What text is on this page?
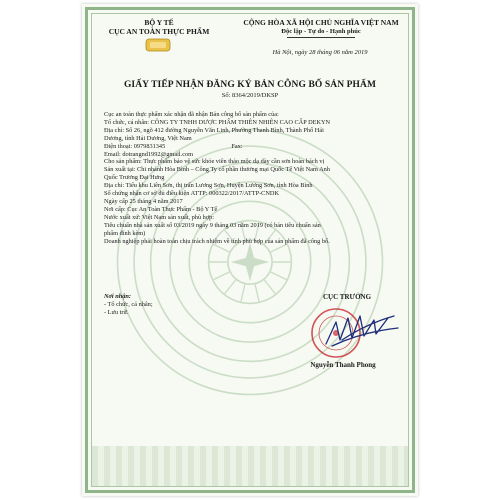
BỘ Y TẾ
CỤC AN TOÀN THỰC PHẨM
CỘNG HÒA XÃ HỘI CHỦ NGHĨA VIỆT NAM
Độc lập - Tự do - Hạnh phúc
Hà Nội, ngày 28 tháng 06 năm 2019
GIẤY TIẾP NHẬN ĐĂNG KÝ BẢN CÔNG BỐ SẢN PHẨM
Số: 8364/2019/DKSP
Cục an toàn thực phẩm xác nhận đã nhận Bản công bố sản phẩm của:
Tổ chức, cá nhân: CÔNG TY TNHH DƯỢC PHẨM THIÊN NHIÊN CAO CẤP DEKYN
Địa chỉ: Số 26, ngõ 412 đường Nguyễn Văn Linh, Phường Thanh Bình, Thành Phố Hải
Dương, tỉnh Hải Dương, Việt Nam
Điện thoại: 0979831345                                          Fax:
Email: dotrangnd1992@gmail.com
Cho sản phẩm: Thực phẩm bảo vệ sức khỏe viên thảo mộc dạ dày cần sơn hoàn bách vị
Sản xuất tại: Chi nhánh Hòa Bình – Công Ty cổ phần thương mại Quốc Tế Việt Nam Anh
Quốc Trương Đại Hưng
Địa chỉ: Tiểu khu Liên Sơn, thị trấn Lương Sơn, Huyện Lương Sơn, tỉnh Hòa Bình
Số chứng nhận cơ sở đủ điều kiện ATTP: 000322/2017/ATTP-CNDK
Ngày cấp 25 tháng 4 năm 2017
Nơi cấp: Cục An Toàn Thực Phẩm - Bộ Y Tế
Nước xuất xứ: Việt Nam sản xuất, phù hợp:
Tiêu chuẩn nhà sản xuất số 03/2019 ngày 9 tháng 03 năm 2019 (có bản tiêu chuẩn sản
phẩm đính kèm)
Doanh nghiệp phải hoàn toàn chịu trách nhiệm về tính phù hợp của sản phẩm đã công bố.
Nơi nhận:
- Tổ chức, cá nhân;
- Lưu trữ.
CỤC TRƯỞNG
Nguyễn Thanh Phong
